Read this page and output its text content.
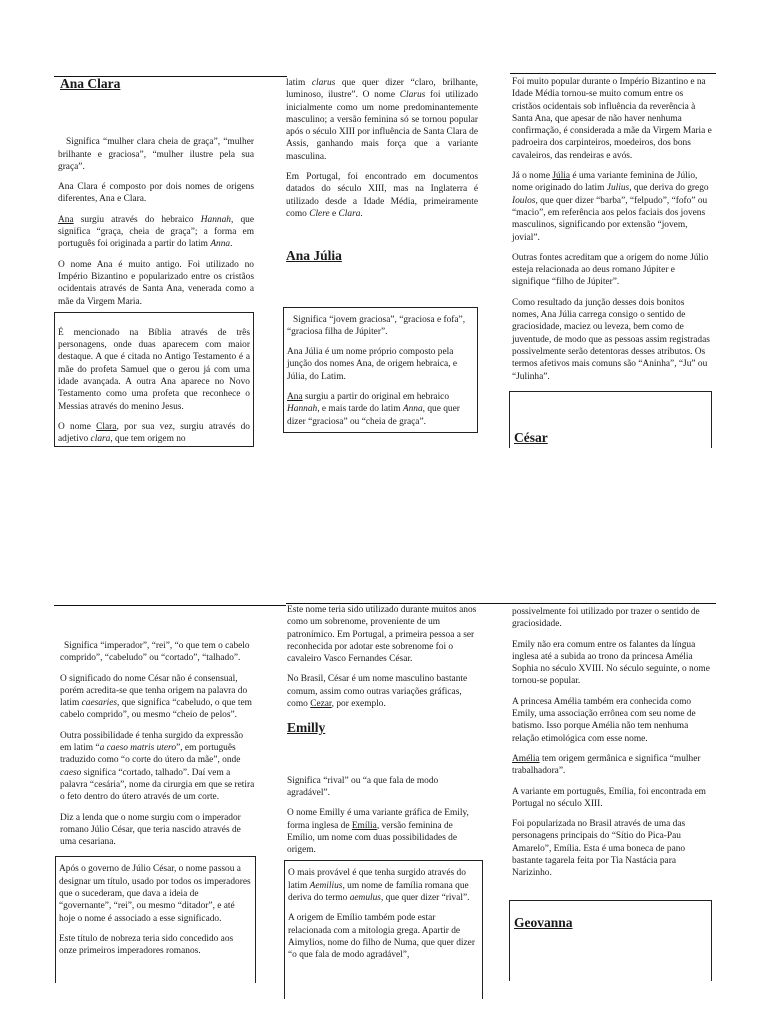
Ana Clara

Significa “mulher clara cheia de graça”, “mulher brilhante e graciosa”, “mulher ilustre pela sua graça”.

Ana Clara é composto por dois nomes de origens diferentes, Ana e Clara.

Ana surgiu através do hebraico Hannah, que significa “graça, cheia de graça”; a forma em português foi originada a partir do latim Anna.

O nome Ana é muito antigo. Foi utilizado no Império Bizantino e popularizado entre os cristãos ocidentais através de Santa Ana, venerada como a mãe da Virgem Maria.

É mencionado na Bíblia através de três personagens, onde duas aparecem com maior destaque. A que é citada no Antigo Testamento é a mãe do profeta Samuel que o gerou já com uma idade avançada. A outra Ana aparece no Novo Testamento como uma profeta que reconhece o Messias através do menino Jesus.

O nome Clara, por sua vez, surgiu através do adjetivo clara, que tem origem no

latim clarus que quer dizer “claro, brilhante, luminoso, ilustre”. O nome Clarus foi utilizado inicialmente como um nome predominantemente masculino; a versão feminina só se tornou popular após o século XIII por influência de Santa Clara de Assis, ganhando mais força que a variante masculina.

Em Portugal, foi encontrado em documentos datados do século XIII, mas na Inglaterra é utilizado desde a Idade Média, primeiramente como Clere e Clara.

Ana Júlia

Significa “jovem graciosa”, “graciosa e fofa”, “graciosa filha de Júpiter”.

Ana Júlia é um nome próprio composto pela junção dos nomes Ana, de origem hebraica, e Júlia, do Latim.

Ana surgiu a partir do original em hebraico Hannah, e mais tarde do latim Anna, que quer dizer “graciosa” ou “cheia de graça”.

Foi muito popular durante o Império Bizantino e na Idade Média tornou-se muito comum entre os cristãos ocidentais sob influência da reverência à Santa Ana, que apesar de não haver nenhuma confirmação, é considerada a mãe da Virgem Maria e padroeira dos carpinteiros, moedeiros, dos bons cavaleiros, das rendeiras e avós.

Já o nome Júlia é uma variante feminina de Júlio, nome originado do latim Julius, que deriva do grego Ioulos, que quer dizer “barba”, “felpudo”, “fofo” ou “macio”, em referência aos pelos faciais dos jovens masculinos, significando por extensão “jovem, jovial”.

Outras fontes acreditam que a origem do nome Júlio esteja relacionada ao deus romano Júpiter e signifique “filho de Júpiter”.

Como resultado da junção desses dois bonitos nomes, Ana Júlia carrega consigo o sentido de graciosidade, maciez ou leveza, bem como de juventude, de modo que as pessoas assim registradas possivelmente serão detentoras desses atributos. Os termos afetivos mais comuns são “Aninha”, “Ju” ou “Julinha”.

César

Significa “imperador”, “rei”, “o que tem o cabelo comprido”, “cabeludo” ou “cortado”, “talhado”.

O significado do nome César não é consensual, porém acredita-se que tenha origem na palavra do latim caesaries, que significa “cabeludo, o que tem cabelo comprido”, ou mesmo “cheio de pelos”.

Outra possibilidade é tenha surgido da expressão em latim “a caeso matris utero”, em português traduzido como “o corte do útero da mãe”, onde caeso significa “cortado, talhado”. Daí vem a palavra “cesária”, nome da cirurgia em que se retira o feto dentro do útero através de um corte.

Diz a lenda que o nome surgiu com o imperador romano Júlio César, que teria nascido através de uma cesariana.

Após o governo de Júlio César, o nome passou a designar um título, usado por todos os imperadores que o sucederam, que dava a ideia de “governante”, “rei”, ou mesmo “ditador”, e até hoje o nome é associado a esse significado.

Este título de nobreza teria sido concedido aos onze primeiros imperadores romanos.

Este nome teria sido utilizado durante muitos anos como um sobrenome, proveniente de um patronímico. Em Portugal, a primeira pessoa a ser reconhecida por adotar este sobrenome foi o cavaleiro Vasco Fernandes César.

No Brasil, César é um nome masculino bastante comum, assim como outras variações gráficas, como Cezar, por exemplo.

Emilly

Significa “rival” ou “a que fala de modo agradável”.

O nome Emilly é uma variante gráfica de Emily, forma inglesa de Emília, versão feminina de Emílio, um nome com duas possibilidades de origem.

O mais provável é que tenha surgido através do latim Aemilius, um nome de família romana que deriva do termo aemulus, que quer dizer “rival”.

A origem de Emílio também pode estar relacionada com a mitologia grega. Apartir de Aimylios, nome do filho de Numa, que quer dizer “o que fala de modo agradável”,

possivelmente foi utilizado por trazer o sentido de graciosidade.

Emily não era comum entre os falantes da língua inglesa até a subida ao trono da princesa Amélia Sophia no século XVIII. No século seguinte, o nome tornou-se popular.

A princesa Amélia também era conhecida como Emily, uma associação errônea com seu nome de batismo. Isso porque Amélia não tem nenhuma relação etimológica com esse nome.

Amélia tem origem germânica e significa “mulher trabalhadora”.

A variante em português, Emília, foi encontrada em Portugal no século XIII.

Foi popularizada no Brasil através de uma das personagens principais do “Sítio do Pica-Pau Amarelo”, Emília. Esta é uma boneca de pano bastante tagarela feita por Tia Nastácia para Narizinho.

Geovanna
